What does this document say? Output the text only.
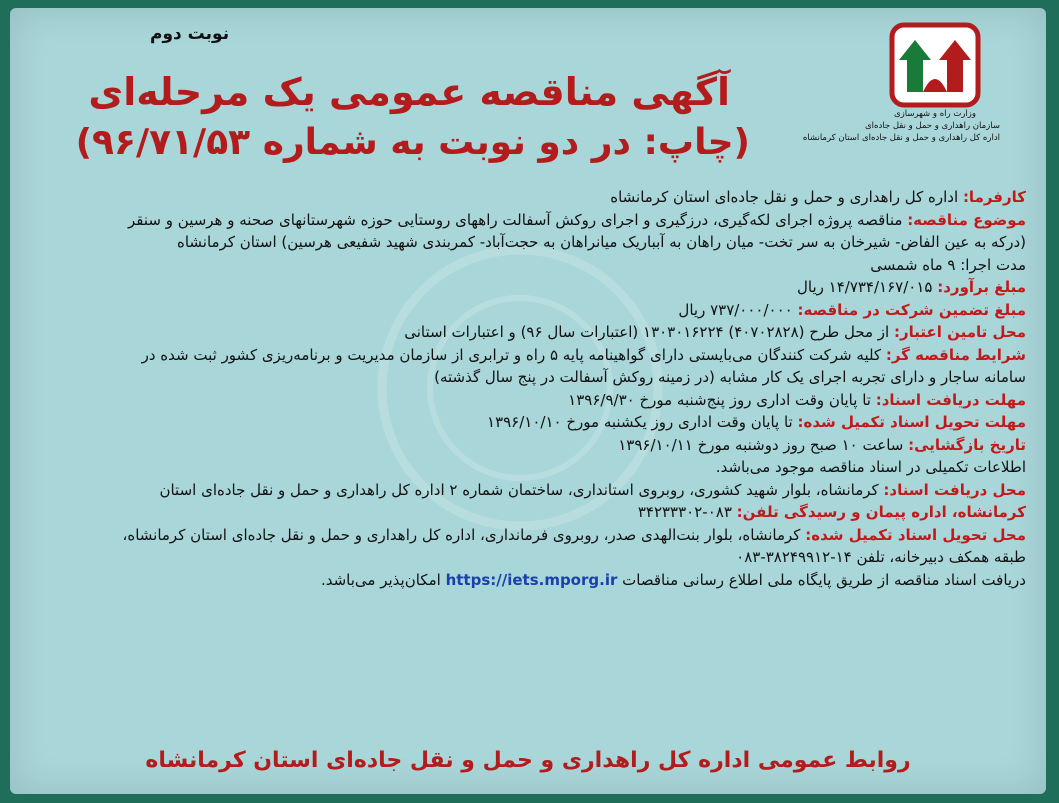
نوبت دوم
وزارت راه و شهرسازی
سازمان راهداری و حمل و نقل جاده‌ای
اداره کل راهداری و حمل و نقل جاده‌ای استان کرمانشاه
آگهی مناقصه عمومی یک مرحله‌ای
(چاپ: در دو نوبت به شماره ۹۶/۷۱/۵۳)
کارفرما: اداره کل راهداری و حمل و نقل جاده‌ای استان کرمانشاه
موضوع مناقصه: مناقصه پروژه اجرای لکه‌گیری، درزگیری و اجرای روکش آسفالت راههای روستایی حوزه شهرستانهای صحنه و هرسین و سنقر
(درکه به عین الفاض- شیرخان به سر تخت- میان راهان به آبباریک میانراهان به حجت‌آباد- کمربندی شهید شفیعی هرسین) استان کرمانشاه
مدت اجرا: ۹ ماه شمسی
مبلغ برآورد: ۱۴/۷۳۴/۱۶۷/۰۱۵ ریال
مبلغ تضمین شرکت در مناقصه: ۷۳۷/۰۰۰/۰۰۰ ریال
محل تامین اعتبار: از محل طرح (۴۰۷۰۲۸۲۸) ۱۳۰۳۰۱۶۲۲۴ (اعتبارات سال ۹۶) و اعتبارات استانی
شرایط مناقصه گر: کلیه شرکت کنندگان می‌بایستی دارای گواهینامه پایه ۵ راه و ترابری از سازمان مدیریت و برنامه‌ریزی کشور ثبت شده در
سامانه ساجار و دارای تجربه اجرای یک کار مشابه (در زمینه روکش آسفالت در پنج سال گذشته)
مهلت دریافت اسناد: تا پایان وقت اداری روز پنج‌شنبه مورخ ۱۳۹۶/۹/۳۰
مهلت تحویل اسناد تکمیل شده: تا پایان وقت اداری روز یکشنبه مورخ ۱۳۹۶/۱۰/۱۰
تاریخ بازگشایی: ساعت ۱۰ صبح روز دوشنبه مورخ ۱۳۹۶/۱۰/۱۱
اطلاعات تکمیلی در اسناد مناقصه موجود می‌باشد.
محل دریافت اسناد: کرمانشاه، بلوار شهید کشوری، روبروی استانداری، ساختمان شماره ۲ اداره کل راهداری و حمل و نقل جاده‌ای استان
کرمانشاه، اداره پیمان و رسیدگی تلفن: ۰۸۳-۳۴۲۳۳۳۰۲
محل تحویل اسناد تکمیل شده: کرمانشاه، بلوار بنت‌الهدی صدر، روبروی فرمانداری، اداره کل راهداری و حمل و نقل جاده‌ای استان کرمانشاه،
طبقه همکف دبیرخانه، تلفن ۱۴-۳۸۲۴۹۹۱۲-۰۸۳
دریافت اسناد مناقصه از طریق پایگاه ملی اطلاع رسانی مناقصات https://iets.mporg.ir امکان‌پذیر می‌باشد.
روابط عمومی اداره کل راهداری و حمل و نقل جاده‌ای استان کرمانشاه
